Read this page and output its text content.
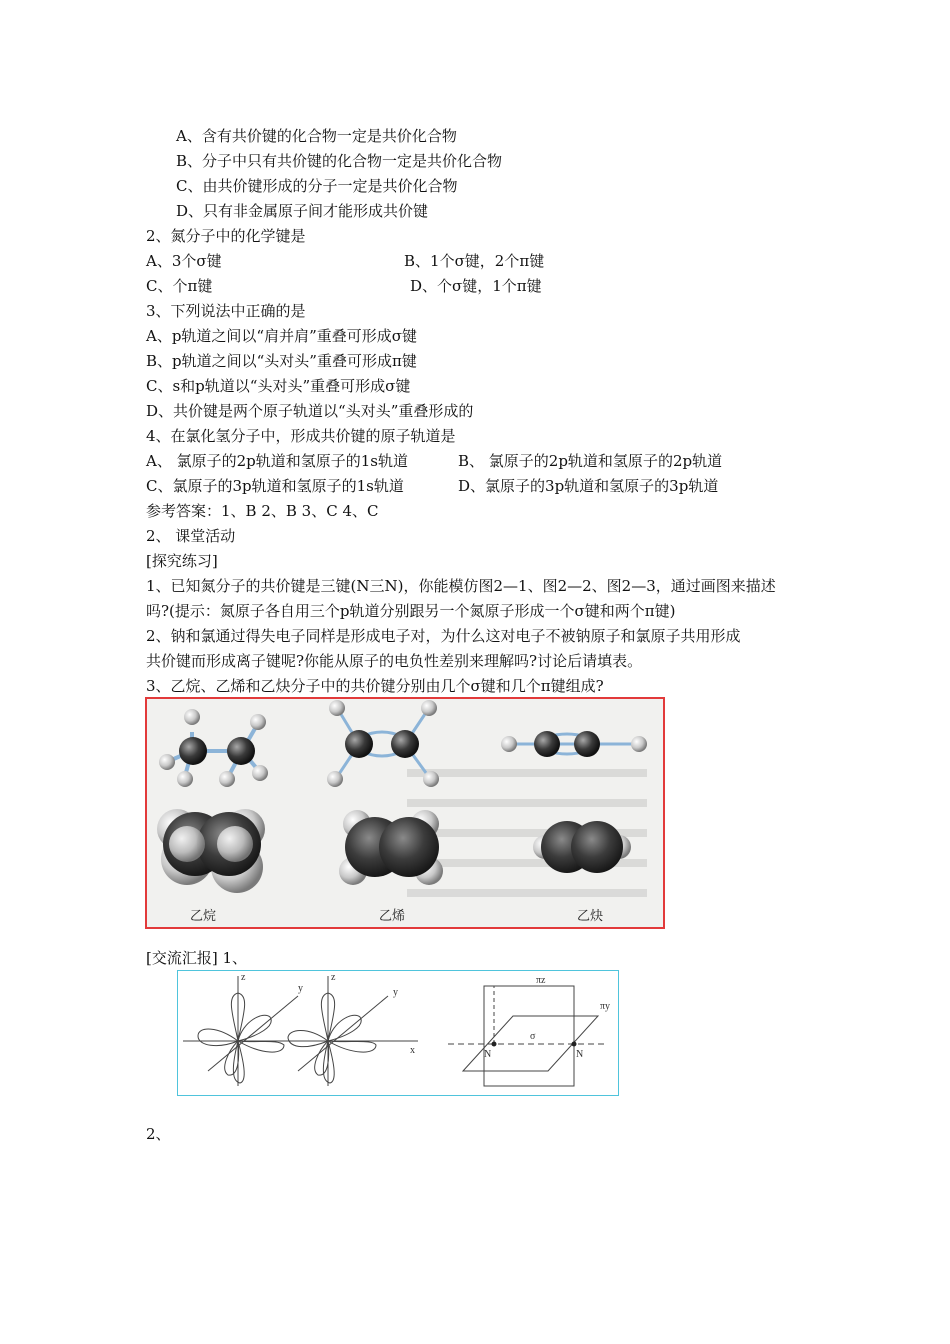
A、含有共价键的化合物一定是共价化合物
B、分子中只有共价键的化合物一定是共价化合物
C、由共价键形成的分子一定是共价化合物
D、只有非金属原子间才能形成共价键
2、氮分子中的化学键是
A、3个σ键	B、1个σ键，2个π键
C、个π键	D、个σ键，1个π键
3、下列说法中正确的是
A、p轨道之间以“肩并肩”重叠可形成σ键
B、p轨道之间以“头对头”重叠可形成π键
C、s和p轨道以“头对头”重叠可形成σ键
D、共价键是两个原子轨道以“头对头”重叠形成的
4、在氯化氢分子中，形成共价键的原子轨道是
A、 氯原子的2p轨道和氢原子的1s轨道	B、 氯原子的2p轨道和氢原子的2p轨道
C、氯原子的3p轨道和氢原子的1s轨道	D、氯原子的3p轨道和氢原子的3p轨道
参考答案：1、B 2、B 3、C 4、C
2、 课堂活动
[探究练习]
1、已知氮分子的共价键是三键(N三N)，你能模仿图2—1、图2—2、图2—3，通过画图来描述
吗?(提示：氮原子各自用三个p轨道分别跟另一个氮原子形成一个σ键和两个π键)
2、钠和氯通过得失电子同样是形成电子对，为什么这对电子不被钠原子和氯原子共用形成
共价键而形成离子键呢?你能从原子的电负性差别来理解吗?讨论后请填表。
3、乙烷、乙烯和乙炔分子中的共价键分别由几个σ键和几个π键组成?
乙烷	乙烯	乙炔
[交流汇报] 1、
z	z
y	y
x
πz
πy
σ
N	N
2、
